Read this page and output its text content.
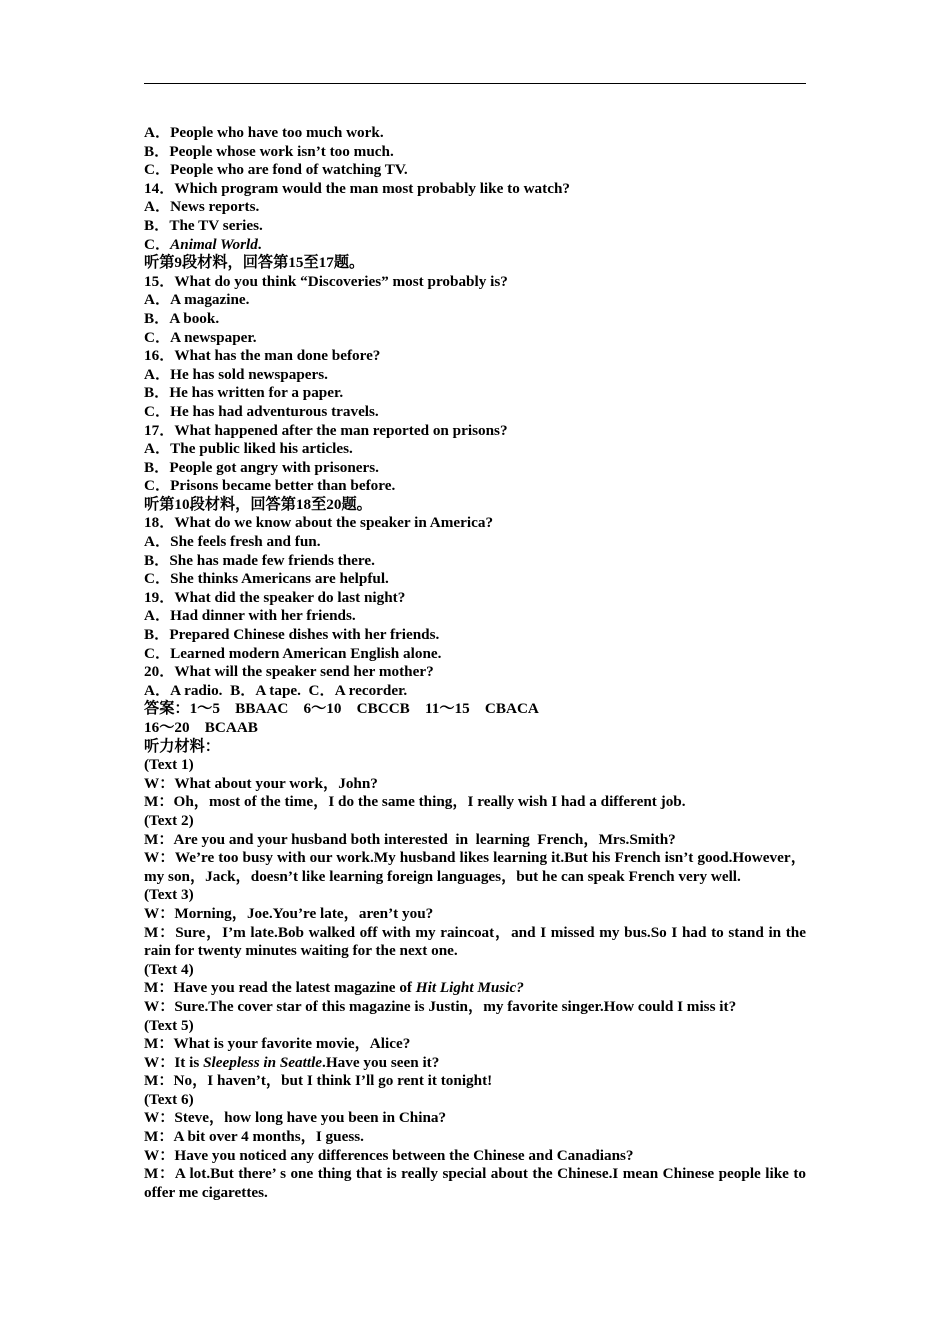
A．People who have too much work.
B．People whose work isn’t too much.
C．People who are fond of watching TV.
14．Which program would the man most probably like to watch?
A．News reports.
B．The TV series.
C．Animal World.
听第9段材料，回答第15至17题。
15．What do you think “Discoveries” most probably is?
A．A magazine.
B．A book.
C．A newspaper.
16．What has the man done before?
A．He has sold newspapers.
B．He has written for a paper.
C．He has had adventurous travels.
17．What happened after the man reported on prisons?
A．The public liked his articles.
B．People got angry with prisoners.
C．Prisons became better than before.
听第10段材料，回答第18至20题。
18．What do we know about the speaker in America?
A．She feels fresh and fun.
B．She has made few friends there.
C．She thinks Americans are helpful.
19．What did the speaker do last night?
A．Had dinner with her friends.
B．Prepared Chinese dishes with her friends.
C．Learned modern American English alone.
20．What will the speaker send her mother?
A．A radio.  B．A tape.  C．A recorder.
答案：1～5　BBAAC　6～10　CBCCB　11～15　CBACA
16～20　BCAAB
听力材料：
(Text 1)
W：What about your work，John?
M：Oh，most of the time，I do the same thing，I really wish I had a different job.
(Text 2)
M：Are you and your husband both interested  in  learning  French，Mrs.Smith?
W：We’re too busy with our work.My husband likes learning it.But his French isn’t good.However，my son，Jack，doesn’t like learning foreign languages，but he can speak French very well.
(Text 3)
W：Morning，Joe.You’re late，aren’t you?
M：Sure，I’m late.Bob walked off with my raincoat，and I missed my bus.So I had to stand in the rain for twenty minutes waiting for the next one.
(Text 4)
M：Have you read the latest magazine of Hit Light Music?
W：Sure.The cover star of this magazine is Justin，my favorite singer.How could I miss it?
(Text 5)
M：What is your favorite movie，Alice?
W：It is Sleepless in Seattle.Have you seen it?
M：No，I haven’t，but I think I’ll go rent it tonight!
(Text 6)
W：Steve，how long have you been in China?
M：A bit over 4 months，I guess.
W：Have you noticed any differences between the Chinese and Canadians?
M：A lot.But there’ s one thing that is really special about the Chinese.I mean Chinese people like to offer me cigarettes.
